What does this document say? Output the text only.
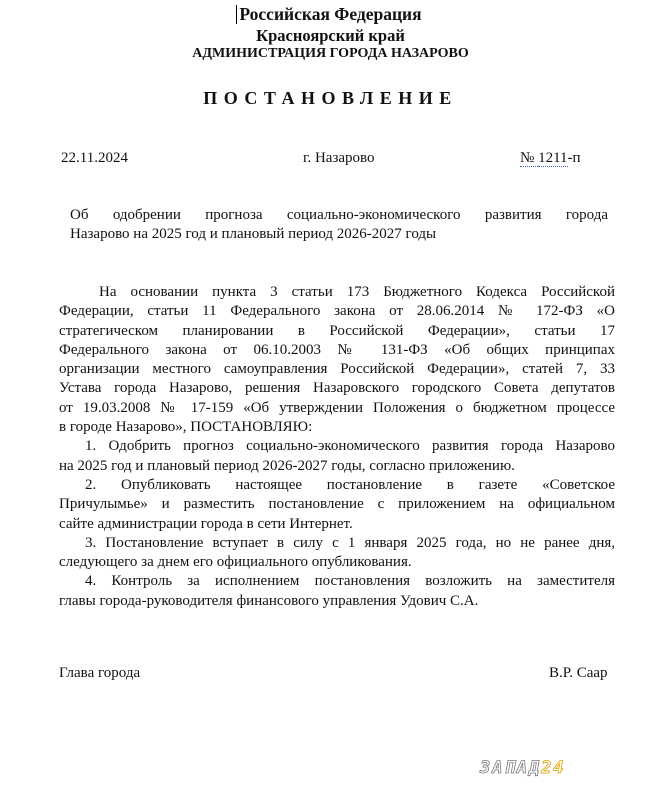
Российская Федерация
Красноярский край
АДМИНИСТРАЦИЯ ГОРОДА НАЗАРОВО
ПОСТАНОВЛЕНИЕ
22.11.2024	г. Назарово	№ 1211-п
Об одобрении прогноза социально-экономического развития города
Назарово на 2025 год и плановый период 2026-2027 годы
На основании пункта 3 статьи 173 Бюджетного Кодекса Российской
Федерации, статьи 11 Федерального закона от 28.06.2014 № 172-ФЗ «О
стратегическом планировании в Российской Федерации», статьи 17
Федерального закона от 06.10.2003 № 131-ФЗ «Об общих принципах
организации местного самоуправления Российской Федерации», статей 7, 33
Устава города Назарово, решения Назаровского городского Совета депутатов
от 19.03.2008 № 17-159 «Об утверждении Положения о бюджетном процессе
в городе Назарово», ПОСТАНОВЛЯЮ:
1. Одобрить прогноз социально-экономического развития города Назарово
на 2025 год и плановый период 2026-2027 годы, согласно приложению.
2. Опубликовать настоящее постановление в газете «Советское
Причулымье» и разместить постановление с приложением на официальном
сайте администрации города в сети Интернет.
3. Постановление вступает в силу с 1 января 2025 года, но не ранее дня,
следующего за днем его официального опубликования.
4. Контроль за исполнением постановления возложить на заместителя
главы города-руководителя финансового управления Удович С.А.
Глава города	В.Р. Саар
ЗАПАД24
